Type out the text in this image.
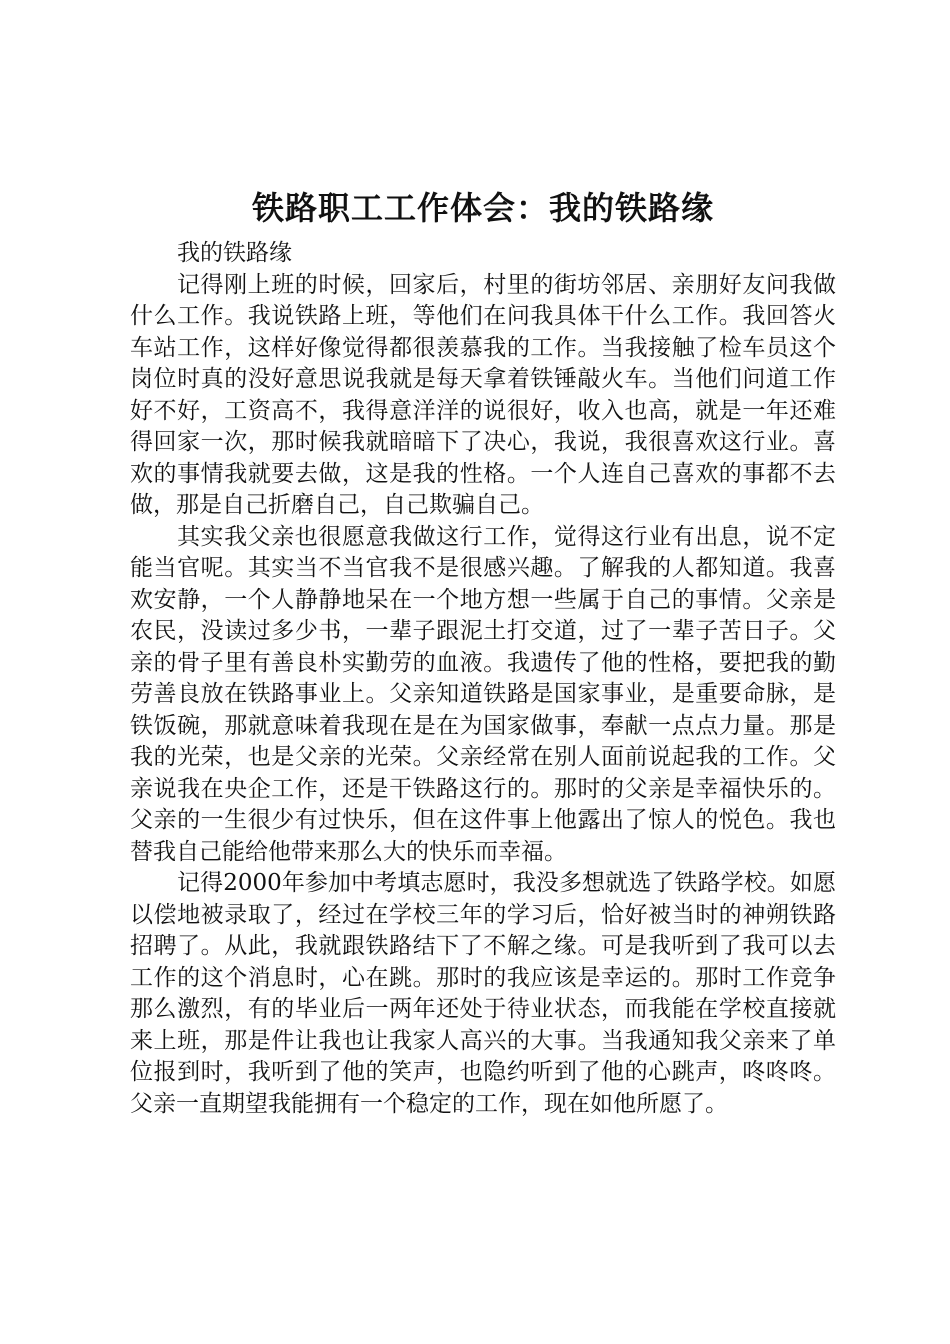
铁路职工工作体会：我的铁路缘

我的铁路缘

记得刚上班的时候，回家后，村里的街坊邻居、亲朋好友问我做什么工作。我说铁路上班，等他们在问我具体干什么工作。我回答火车站工作，这样好像觉得都很羡慕我的工作。当我接触了检车员这个岗位时真的没好意思说我就是每天拿着铁锤敲火车。当他们问道工作好不好，工资高不，我得意洋洋的说很好，收入也高，就是一年还难得回家一次，那时候我就暗暗下了决心，我说，我很喜欢这行业。喜欢的事情我就要去做，这是我的性格。一个人连自己喜欢的事都不去做，那是自己折磨自己，自己欺骗自己。

其实我父亲也很愿意我做这行工作，觉得这行业有出息，说不定能当官呢。其实当不当官我不是很感兴趣。了解我的人都知道。我喜欢安静，一个人静静地呆在一个地方想一些属于自己的事情。父亲是农民，没读过多少书，一辈子跟泥土打交道，过了一辈子苦日子。父亲的骨子里有善良朴实勤劳的血液。我遗传了他的性格，要把我的勤劳善良放在铁路事业上。父亲知道铁路是国家事业，是重要命脉，是铁饭碗，那就意味着我现在是在为国家做事，奉献一点点力量。那是我的光荣，也是父亲的光荣。父亲经常在别人面前说起我的工作。父亲说我在央企工作，还是干铁路这行的。那时的父亲是幸福快乐的。父亲的一生很少有过快乐，但在这件事上他露出了惊人的悦色。我也替我自己能给他带来那么大的快乐而幸福。

记得2000年参加中考填志愿时，我没多想就选了铁路学校。如愿以偿地被录取了，经过在学校三年的学习后，恰好被当时的神朔铁路招聘了。从此，我就跟铁路结下了不解之缘。可是我听到了我可以去工作的这个消息时，心在跳。那时的我应该是幸运的。那时工作竞争那么激烈，有的毕业后一两年还处于待业状态，而我能在学校直接就来上班，那是件让我也让我家人高兴的大事。当我通知我父亲来了单位报到时，我听到了他的笑声，也隐约听到了他的心跳声，咚咚咚。父亲一直期望我能拥有一个稳定的工作，现在如他所愿了。
